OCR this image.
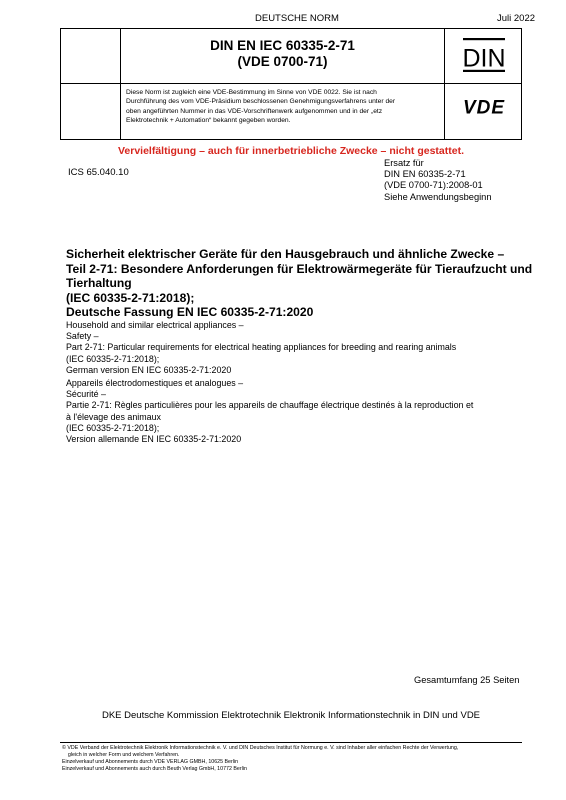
DEUTSCHE NORM	Juli 2022
DIN EN IEC 60335-2-71
(VDE 0700-71)	DIN
VDE
Diese Norm ist zugleich eine VDE-Bestimmung im Sinne von VDE 0022. Sie ist nach
Durchführung des vom VDE-Präsidium beschlossenen Genehmigungsverfahrens unter der
oben angeführten Nummer in das VDE-Vorschriftenwerk aufgenommen und in der „etz
Elektrotechnik + Automation“ bekannt gegeben worden.
Vervielfältigung – auch für innerbetriebliche Zwecke – nicht gestattet.
ICS 65.040.10
Ersatz für
DIN EN 60335-2-71
(VDE 0700-71):2008-01
Siehe Anwendungsbeginn
Sicherheit elektrischer Geräte für den Hausgebrauch und ähnliche Zwecke –
Teil 2-71: Besondere Anforderungen für Elektrowärmegeräte für Tieraufzucht und
Tierhaltung
(IEC 60335-2-71:2018);
Deutsche Fassung EN IEC 60335-2-71:2020
Household and similar electrical appliances –
Safety –
Part 2-71: Particular requirements for electrical heating appliances for breeding and rearing animals
(IEC 60335-2-71:2018);
German version EN IEC 60335-2-71:2020
Appareils électrodomestiques et analogues –
Sécurité –
Partie 2-71: Règles particulières pour les appareils de chauffage électrique destinés à la reproduction et
à l'élevage des animaux
(IEC 60335-2-71:2018);
Version allemande EN IEC 60335-2-71:2020
Gesamtumfang 25 Seiten
DKE Deutsche Kommission Elektrotechnik Elektronik Informationstechnik in DIN und VDE
© VDE Verband der Elektrotechnik Elektronik Informationstechnik e. V. und DIN Deutsches Institut für Normung e. V. sind Inhaber aller einfachen Rechte der Verwertung,
gleich in welcher Form und welchem Verfahren.
Einzelverkauf und Abonnements durch VDE VERLAG GMBH, 10625 Berlin
Einzelverkauf und Abonnements auch durch Beuth Verlag GmbH, 10772 Berlin
